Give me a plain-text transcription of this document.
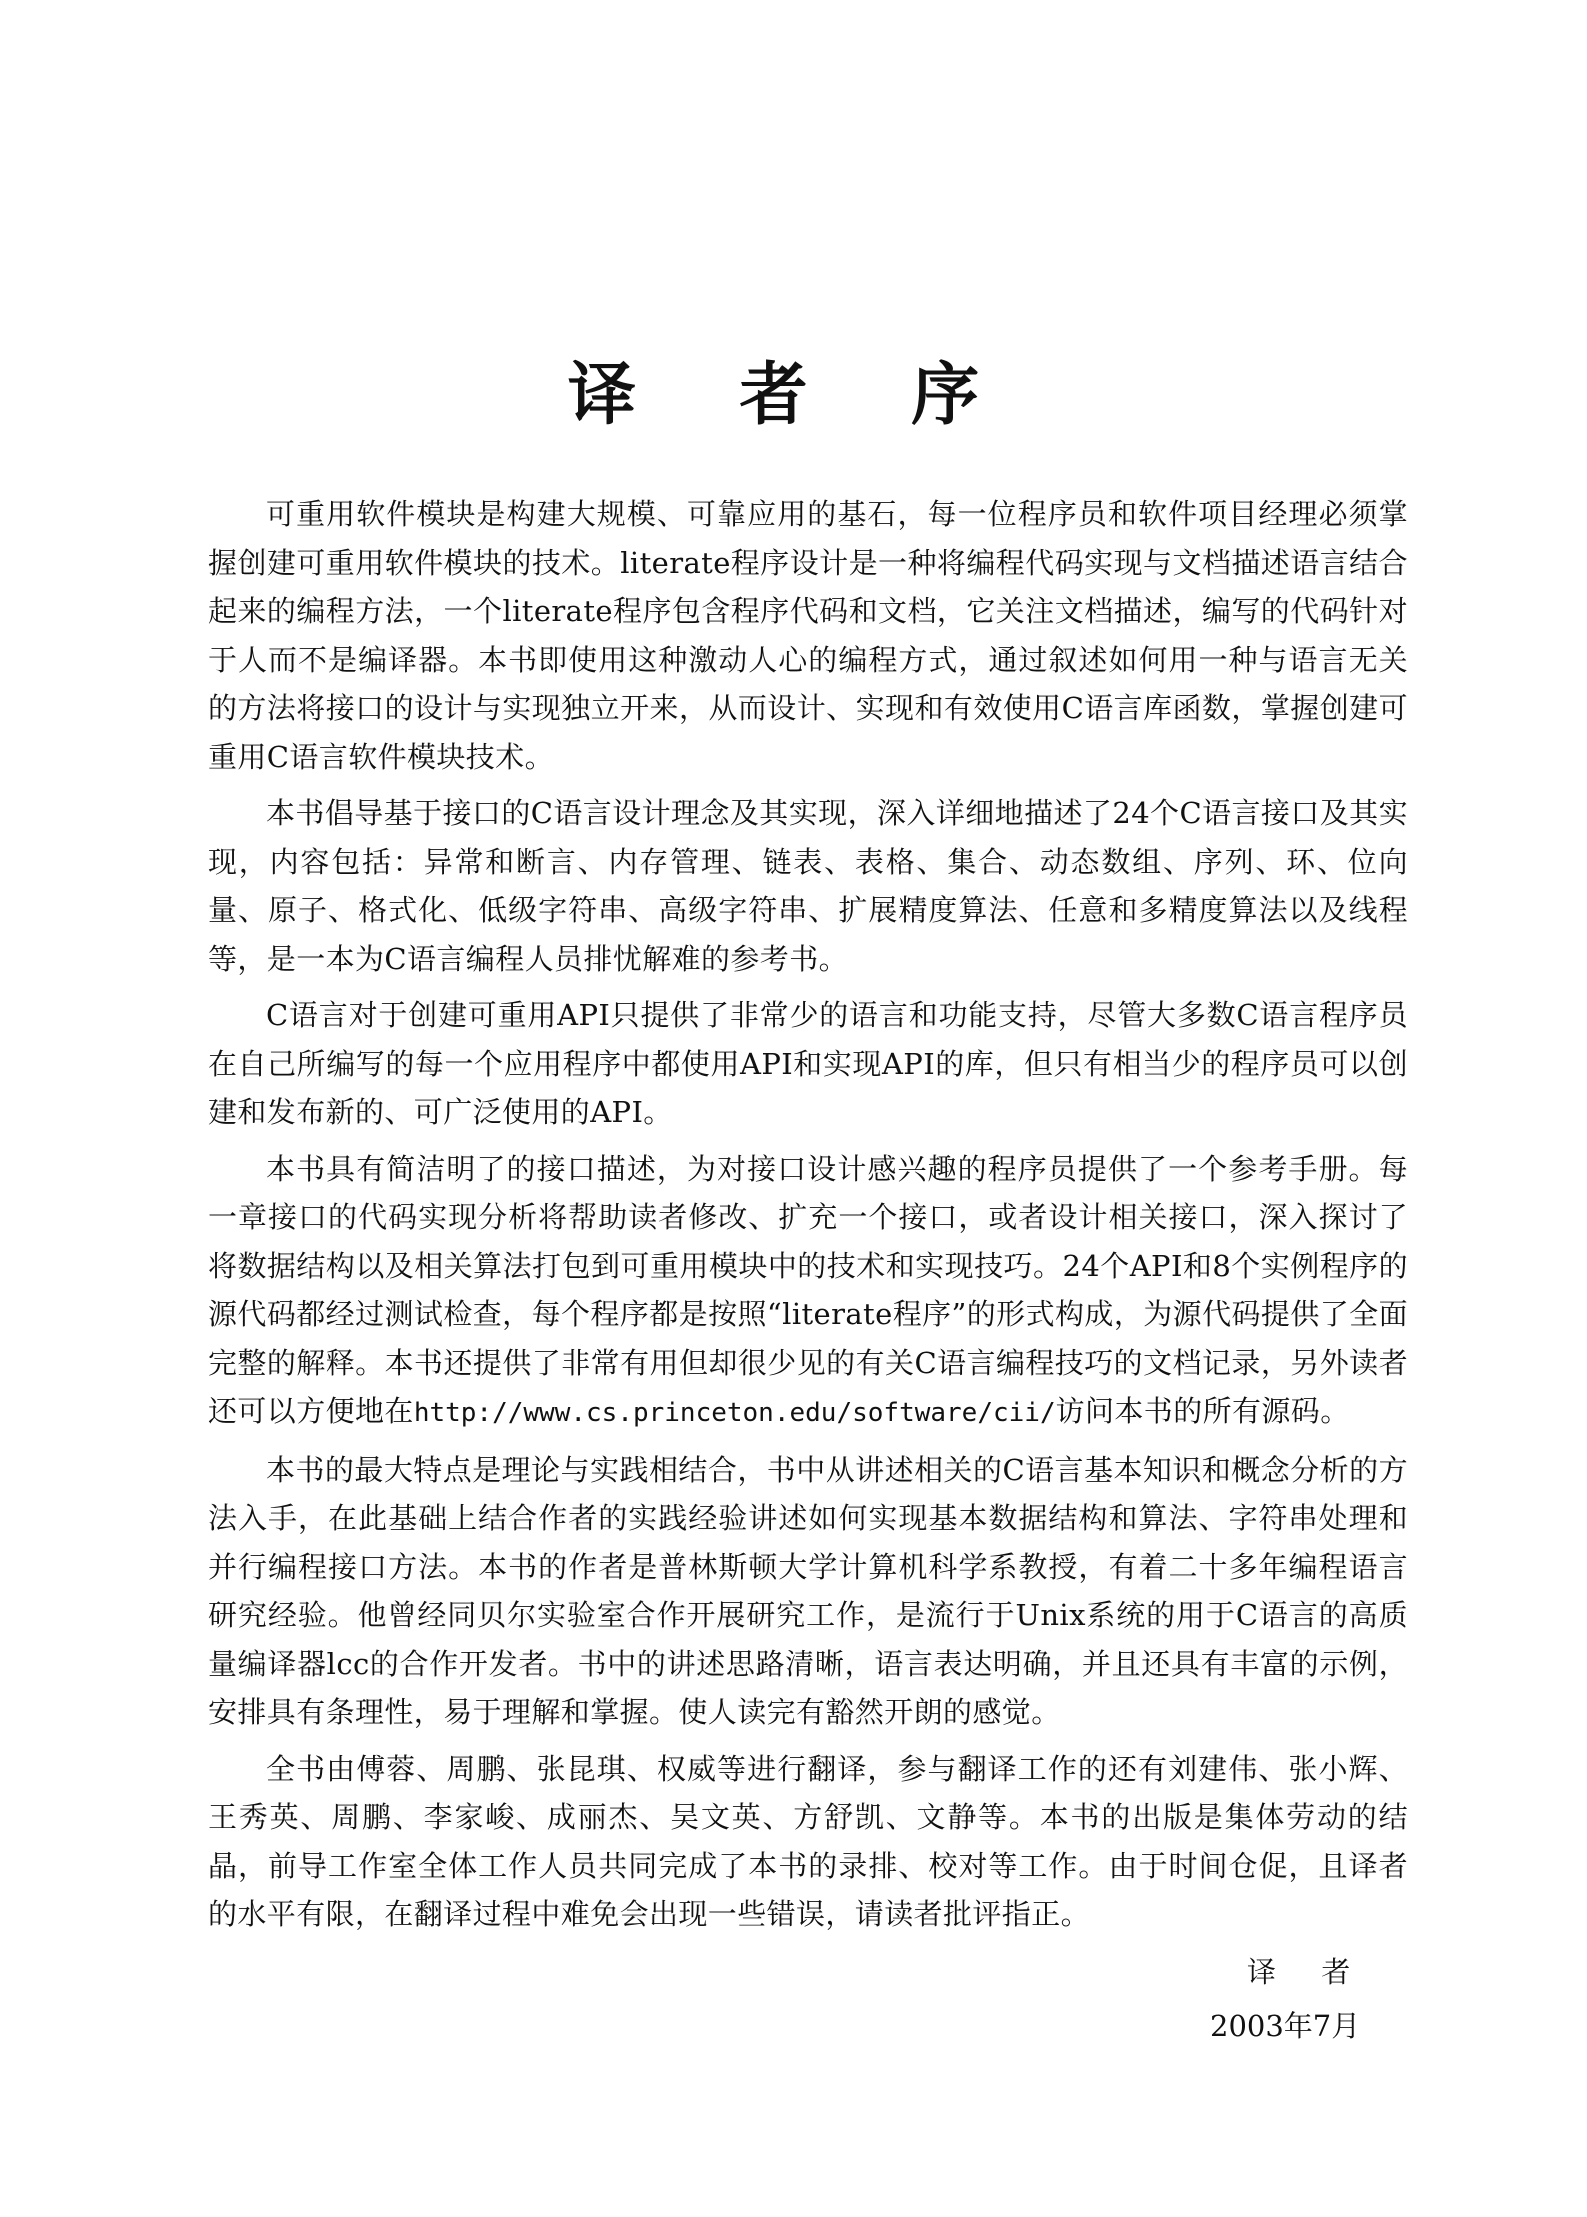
译 者 序

可重用软件模块是构建大规模、可靠应用的基石，每一位程序员和软件项目经理必须掌握创建可重用软件模块的技术。literate程序设计是一种将编程代码实现与文档描述语言结合起来的编程方法，一个literate程序包含程序代码和文档，它关注文档描述，编写的代码针对于人而不是编译器。本书即使用这种激动人心的编程方式，通过叙述如何用一种与语言无关的方法将接口的设计与实现独立开来，从而设计、实现和有效使用C语言库函数，掌握创建可重用C语言软件模块技术。

本书倡导基于接口的C语言设计理念及其实现，深入详细地描述了24个C语言接口及其实现，内容包括：异常和断言、内存管理、链表、表格、集合、动态数组、序列、环、位向量、原子、格式化、低级字符串、高级字符串、扩展精度算法、任意和多精度算法以及线程等，是一本为C语言编程人员排忧解难的参考书。

C语言对于创建可重用API只提供了非常少的语言和功能支持，尽管大多数C语言程序员在自己所编写的每一个应用程序中都使用API和实现API的库，但只有相当少的程序员可以创建和发布新的、可广泛使用的API。

本书具有简洁明了的接口描述，为对接口设计感兴趣的程序员提供了一个参考手册。每一章接口的代码实现分析将帮助读者修改、扩充一个接口，或者设计相关接口，深入探讨了将数据结构以及相关算法打包到可重用模块中的技术和实现技巧。24个API和8个实例程序的源代码都经过测试检查，每个程序都是按照“literate程序”的形式构成，为源代码提供了全面完整的解释。本书还提供了非常有用但却很少见的有关C语言编程技巧的文档记录，另外读者还可以方便地在http://www.cs.princeton.edu/software/cii/访问本书的所有源码。

本书的最大特点是理论与实践相结合，书中从讲述相关的C语言基本知识和概念分析的方法入手，在此基础上结合作者的实践经验讲述如何实现基本数据结构和算法、字符串处理和并行编程接口方法。本书的作者是普林斯顿大学计算机科学系教授，有着二十多年编程语言研究经验。他曾经同贝尔实验室合作开展研究工作，是流行于Unix系统的用于C语言的高质量编译器lcc的合作开发者。书中的讲述思路清晰，语言表达明确，并且还具有丰富的示例，安排具有条理性，易于理解和掌握。使人读完有豁然开朗的感觉。

全书由傅蓉、周鹏、张昆琪、权威等进行翻译，参与翻译工作的还有刘建伟、张小辉、王秀英、周鹏、李家峻、成丽杰、吴文英、方舒凯、文静等。本书的出版是集体劳动的结晶，前导工作室全体工作人员共同完成了本书的录排、校对等工作。由于时间仓促，且译者的水平有限，在翻译过程中难免会出现一些错误，请读者批评指正。

译 者
2003年7月
